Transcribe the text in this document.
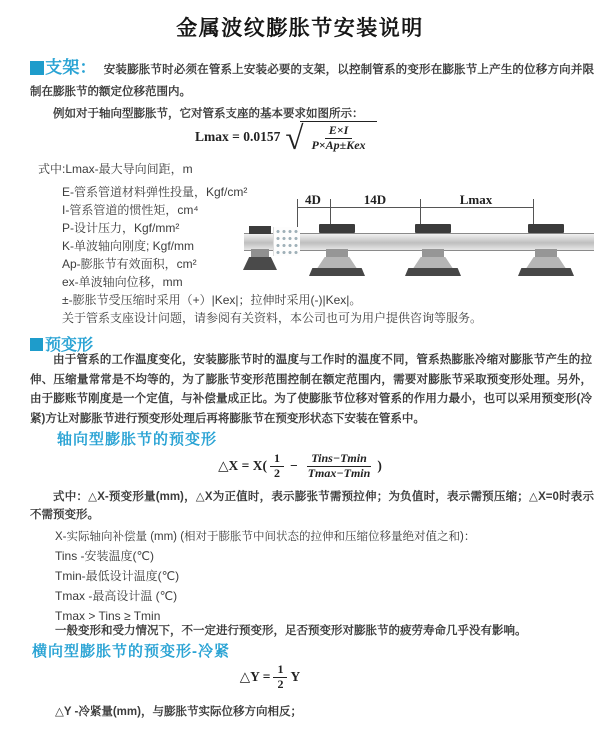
金属波纹膨胀节安装说明
支架： 安装膨胀节时必须在管系上安装必要的支架，以控制管系的变形在膨胀节上产生的位移方向并限制在膨胀节的额定位移范围内。

例如对于轴向型膨胀节，它对管系支座的基本要求如图所示：

Lmax = 0.0157 √ $\frac{E\times I}{\text{P×Ap±Kex}}$
式中:Lmax-最大导向间距，m
E-管系管道材料弹性投量，Kgf/cm²
I-管系管道的惯性矩，cm⁴
P-设计压力，Kgf/mm²
K-单波轴向刚度; Kgf/mm
Ap-膨胀节有效面积，cm²
ex-单波轴向位移，mm
±-膨胀节受压缩时采用（+）|Kex|；拉伸时采用(-)|Kex|。
关于管系支座设计问题，请参阅有关资料，本公司也可为用户提供咨询等服务。
4D	14D	Lmax
预变形
由于管系的工作温度变化，安装膨胀节时的温度与工作时的温度不同，管系热膨胀冷缩对膨胀节产生的拉伸、压缩量常常是不均等的，为了膨胀节变形范围控制在额定范围内，需要对膨胀节采取预变形处理。另外，由于膨账节刚度是一个定值，与补偿量成正比。为了使膨胀节位移对管系的作用力最小，也可以采用预变形(冷紧)方让对膨胀节进行预变形处理后再将膨胀节在预变形状态下安装在管系中。
轴向型膨胀节的预变形
△X = $X( \frac{1}{2} - \frac{\text{Tins−Tmin}}{Tmax-Tmin}$ )
式中：△X-预变形量(mm)，△X为正值时，表示膨张节需预拉伸；为负值时，表示需预压缩；△X=0时表示不需预变形。
X-实际轴向补偿量 (mm) (相对于膨胀节中间状态的拉伸和压缩位移量绝对值之和)：
Tins -安装温度(℃)
Tmin-最低设计温度(℃)
Tmax -最高设计温 (℃)
Tmax > Tins ≥ Tmin
一般变形和受力情况下，不一定进行预变形，足否预变形对膨胀节的疲劳寿命几乎没有影响。
横向型膨胀节的预变形-冷紧
△Y = $\frac{1}{2}$ Y
△Y -冷紧量(mm)，与膨胀节实际位移方向相反；
